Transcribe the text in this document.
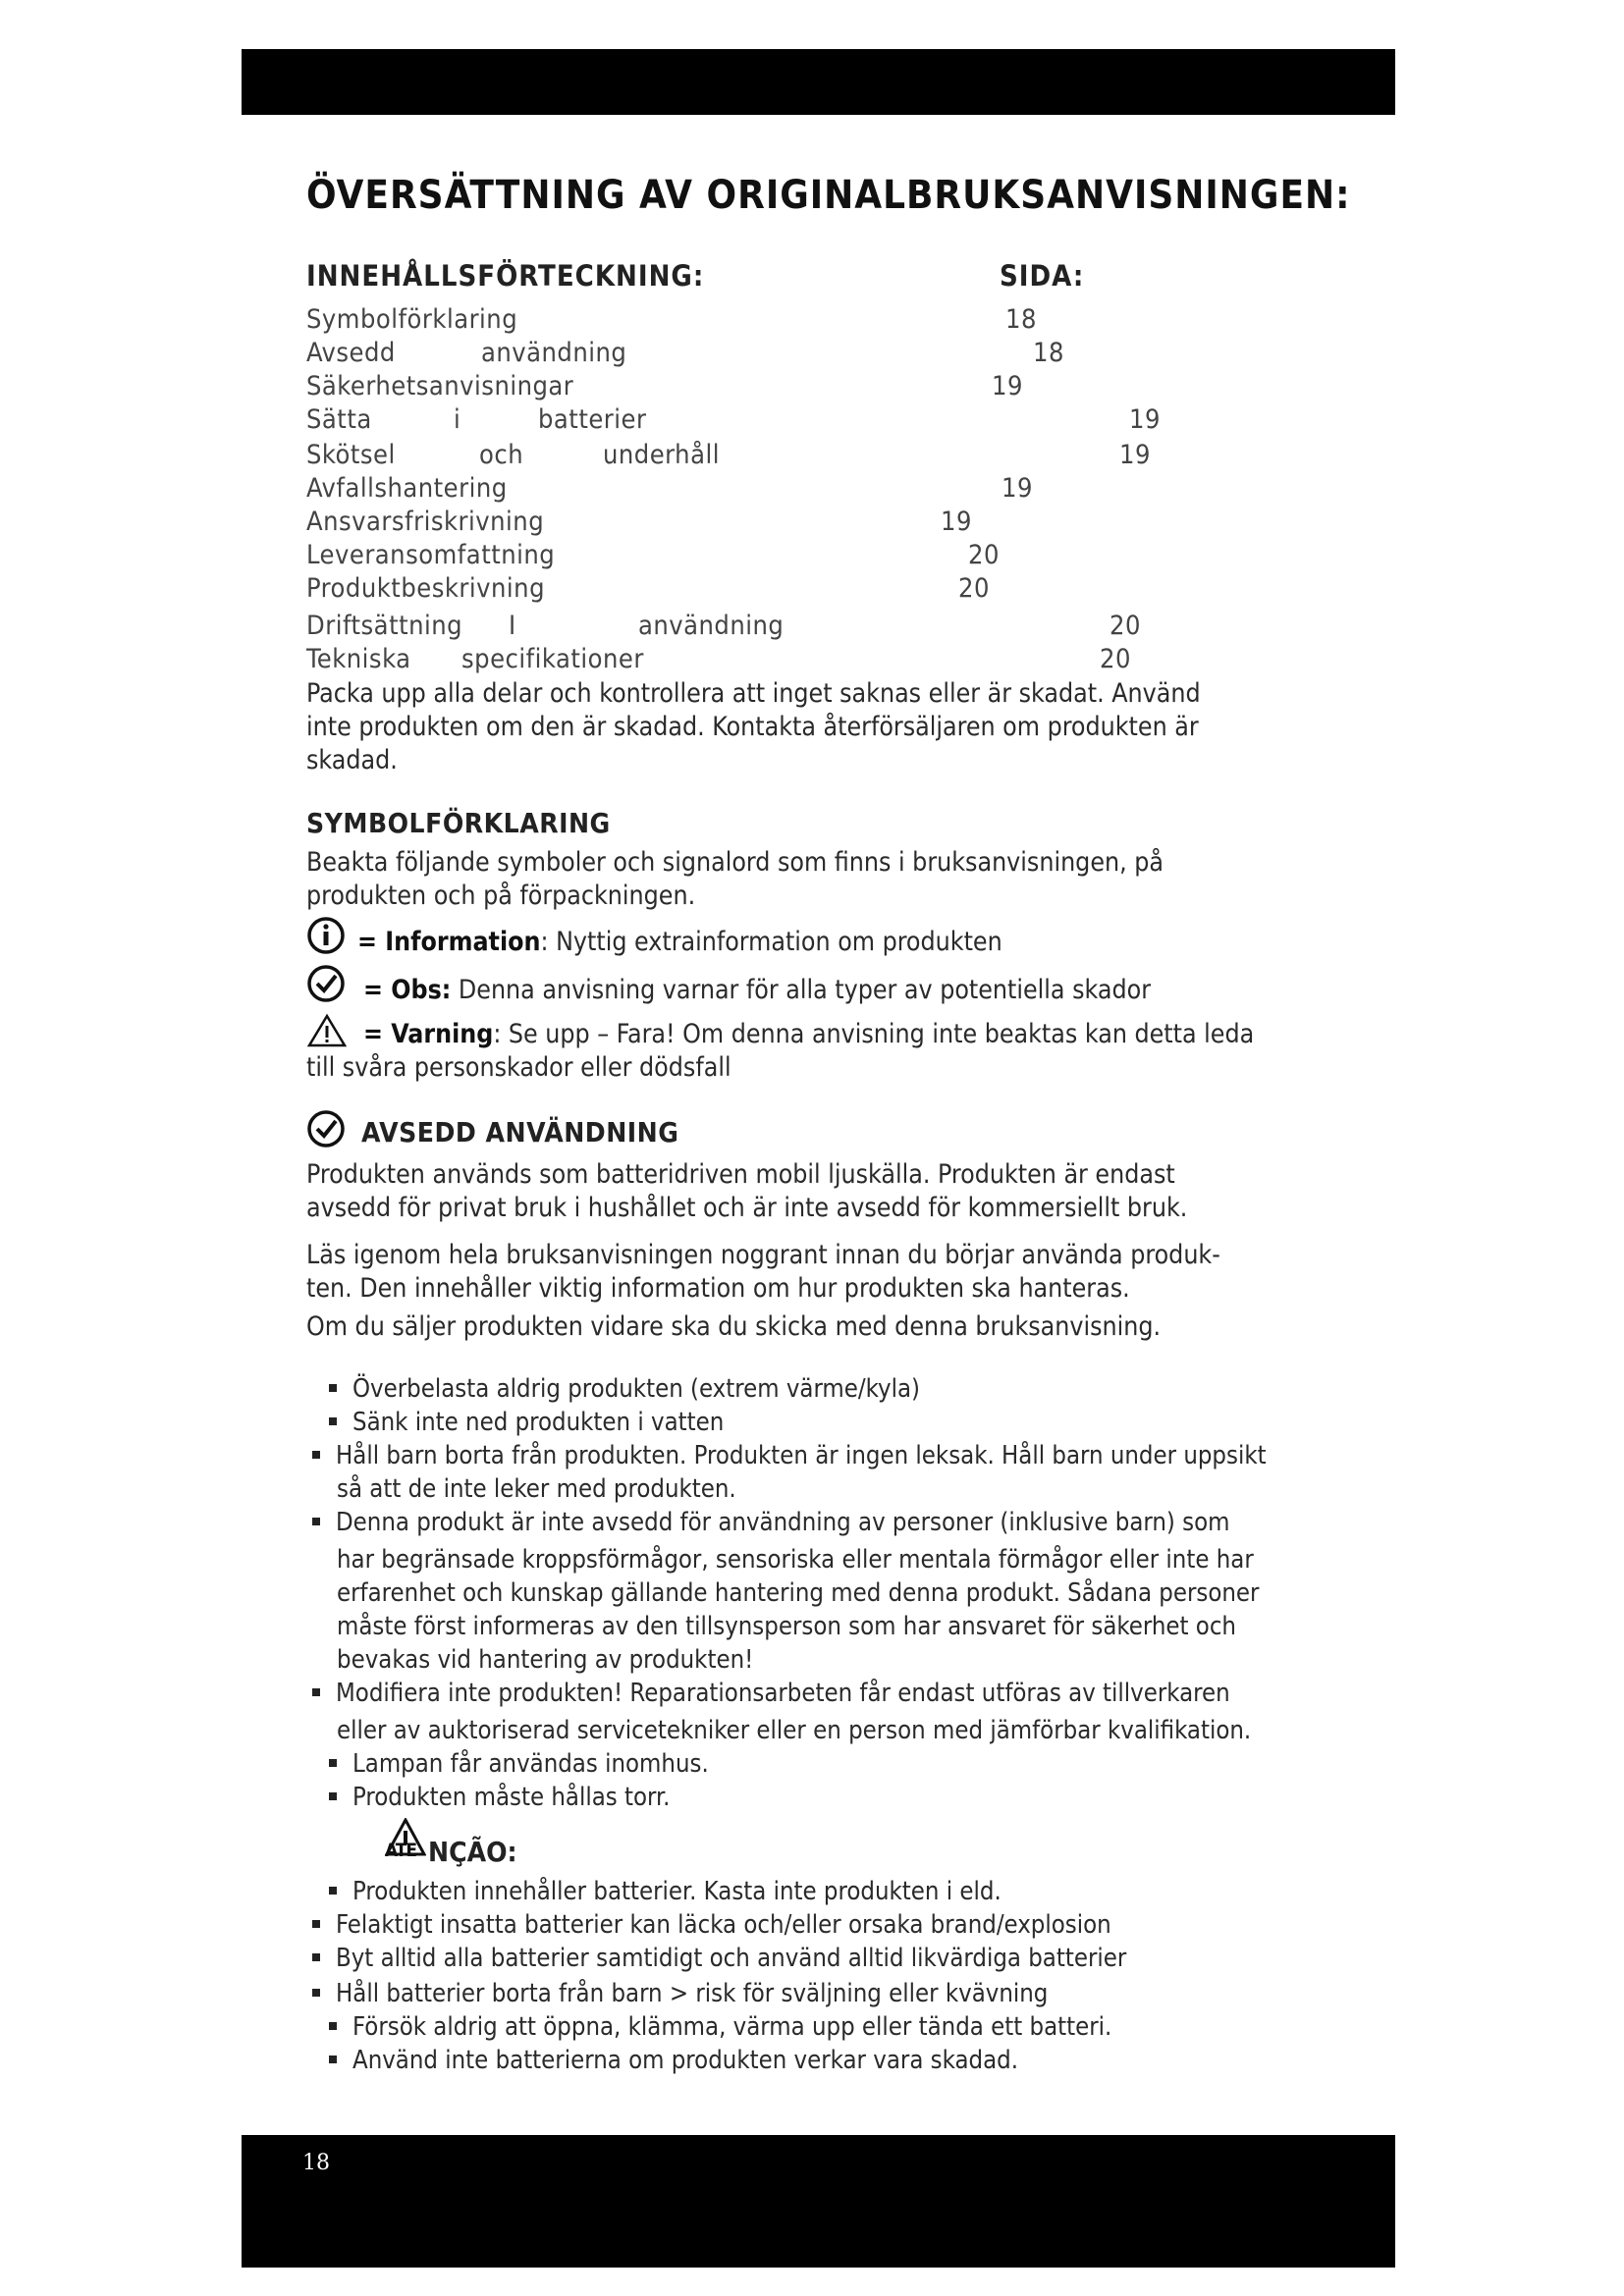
ÖVERSÄTTNING AV ORIGINALBRUKSANVISNINGEN:
INNEHÅLLSFÖRTECKNING:	SIDA:
Symbolförklaring	18
Avsedd	användning	18
Säkerhetsanvisningar	19
Sätta	i	batterier	19
Skötsel	och	underhåll	19
Avfallshantering	19
Ansvarsfriskrivning	19
Leveransomfattning	20
Produktbeskrivning	20
Driftsättning I	användning	20
Tekniska specifikationer	20
Packa upp alla delar och kontrollera att inget saknas eller är skadat. Använd
inte produkten om den är skadad. Kontakta återförsäljaren om produkten är
skadad.
SYMBOLFÖRKLARING
Beakta följande symboler och signalord som finns i bruksanvisningen, på
produkten och på förpackningen.
= Information: Nyttig extrainformation om produkten
= Obs: Denna anvisning varnar för alla typer av potentiella skador
= Varning: Se upp – Fara! Om denna anvisning inte beaktas kan detta leda
till svåra personskador eller dödsfall
AVSEDD ANVÄNDNING
Produkten används som batteridriven mobil ljuskälla. Produkten är endast
avsedd för privat bruk i hushållet och är inte avsedd för kommersiellt bruk.
Läs igenom hela bruksanvisningen noggrant innan du börjar använda produk-
ten. Den innehåller viktig information om hur produkten ska hanteras.
Om du säljer produkten vidare ska du skicka med denna bruksanvisning.
Överbelasta aldrig produkten (extrem värme/kyla)
Sänk inte ned produkten i vatten
Håll barn borta från produkten. Produkten är ingen leksak. Håll barn under uppsikt
så att de inte leker med produkten.
Denna produkt är inte avsedd för användning av personer (inklusive barn) som
har begränsade kroppsförmågor, sensoriska eller mentala förmågor eller inte har
erfarenhet och kunskap gällande hantering med denna produkt. Sådana personer
måste först informeras av den tillsynsperson som har ansvaret för säkerhet och
bevakas vid hantering av produkten!
Modifiera inte produkten! Reparationsarbeten får endast utföras av tillverkaren
eller av auktoriserad servicetekniker eller en person med jämförbar kvalifikation.
Lampan får användas inomhus.
Produkten måste hållas torr.
ATE NÇÃO:
Produkten innehåller batterier. Kasta inte produkten i eld.
Felaktigt insatta batterier kan läcka och/eller orsaka brand/explosion
Byt alltid alla batterier samtidigt och använd alltid likvärdiga batterier
Håll batterier borta från barn > risk för sväljning eller kvävning
Försök aldrig att öppna, klämma, värma upp eller tända ett batteri.
Använd inte batterierna om produkten verkar vara skadad.
18
